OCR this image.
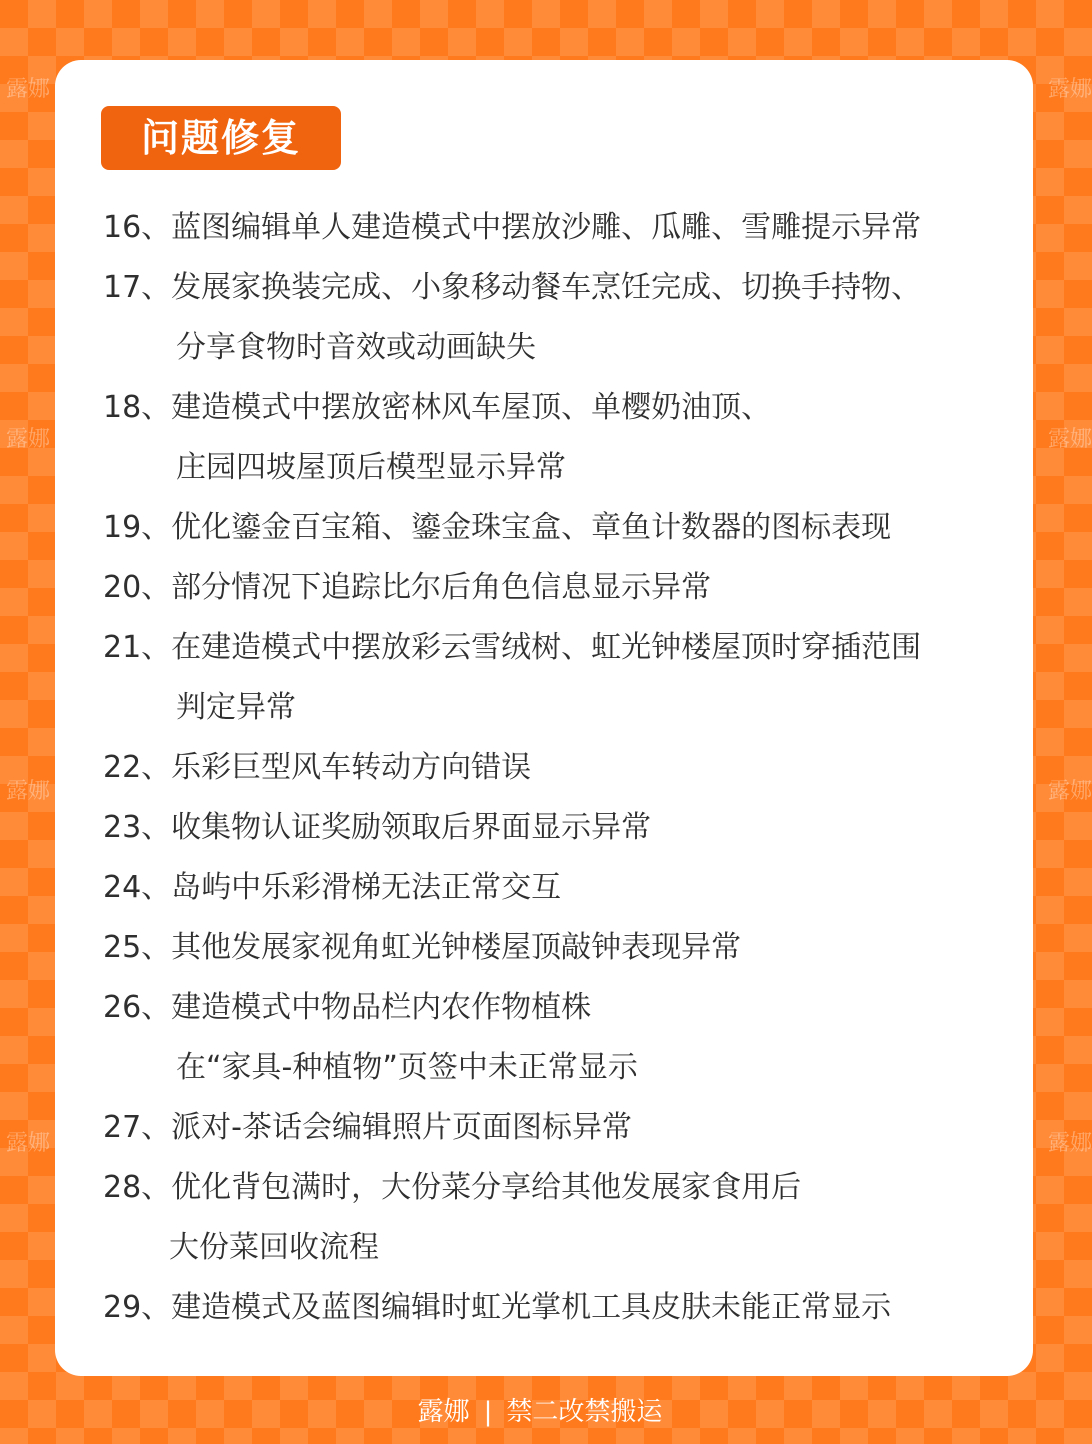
露娜	露娜
露娜	露娜
露娜	露娜
露娜	露娜
问题修复
16、蓝图编辑单人建造模式中摆放沙雕、瓜雕、雪雕提示异常
17、发展家换装完成、小象移动餐车烹饪完成、切换手持物、
分享食物时音效或动画缺失
18、建造模式中摆放密林风车屋顶、单樱奶油顶、
庄园四坡屋顶后模型显示异常
19、优化鎏金百宝箱、鎏金珠宝盒、章鱼计数器的图标表现
20、部分情况下追踪比尔后角色信息显示异常
21、在建造模式中摆放彩云雪绒树、虹光钟楼屋顶时穿插范围
判定异常
22、乐彩巨型风车转动方向错误
23、收集物认证奖励领取后界面显示异常
24、岛屿中乐彩滑梯无法正常交互
25、其他发展家视角虹光钟楼屋顶敲钟表现异常
26、建造模式中物品栏内农作物植株
在“家具-种植物”页签中未正常显示
27、派对-茶话会编辑照片页面图标异常
28、优化背包满时，大份菜分享给其他发展家食用后
大份菜回收流程
29、建造模式及蓝图编辑时虹光掌机工具皮肤未能正常显示
露娜 | 禁二改禁搬运
